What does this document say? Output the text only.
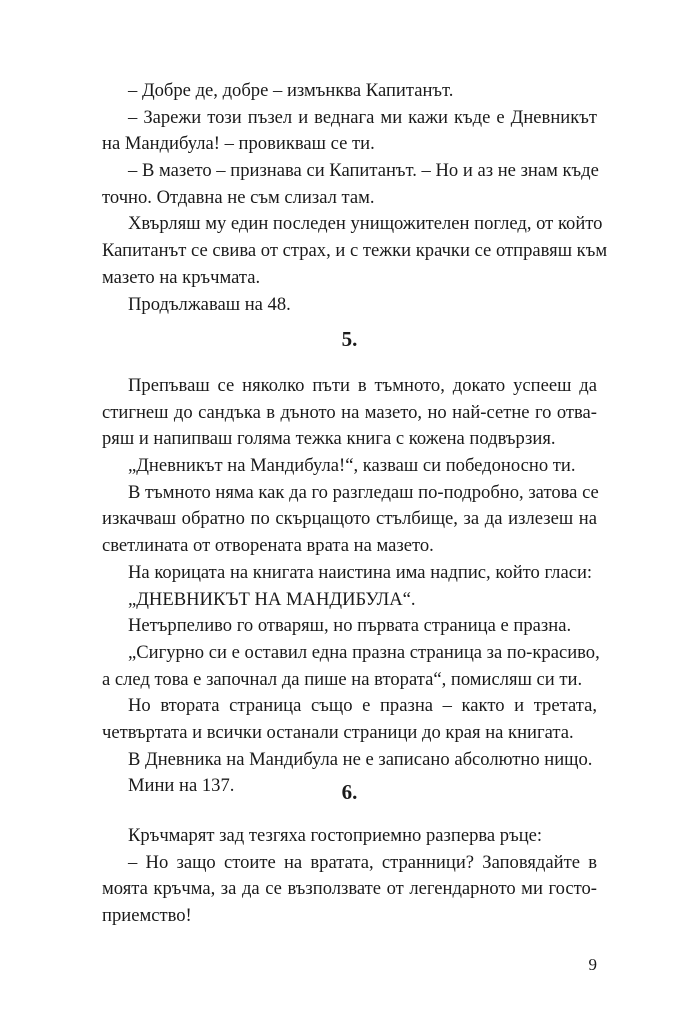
– Добре де, добре – измънква Капитанът.
– Зарежи този пъзел и веднага ми кажи къде е Дневникът
на Мандибула! – провикваш се ти.
– В мазето – признава си Капитанът. – Но и аз не знам къде
точно. Отдавна не съм слизал там.
Хвърляш му един последен унищожителен поглед, от който
Капитанът се свива от страх, и с тежки крачки се отправяш към
мазето на кръчмата.
Продължаваш на 48.
5.
Препъваш се няколко пъти в тъмното, докато успееш да
стигнеш до сандъка в дъното на мазето, но най-сетне го отва-
ряш и напипваш голяма тежка книга с кожена подвързия.
„Дневникът на Мандибула!“, казваш си победоносно ти.
В тъмното няма как да го разгледаш по-подробно, затова се
изкачваш обратно по скърцащото стълбище, за да излезеш на
светлината от отворената врата на мазето.
На корицата на книгата наистина има надпис, който гласи:
„ДНЕВНИКЪТ НА МАНДИБУЛА“.
Нетърпеливо го отваряш, но първата страница е празна.
„Сигурно си е оставил една празна страница за по-красиво,
а след това е започнал да пише на втората“, помисляш си ти.
Но втората страница също е празна – както и третата,
четвъртата и всички останали страници до края на книгата.
В Дневника на Мандибула не е записано абсолютно нищо.
Мини на 137.	6.
Кръчмарят зад тезгяха гостоприемно разперва ръце:
– Но защо стоите на вратата, странници? Заповядайте в
моята кръчма, за да се възползвате от легендарното ми госто-
приемство!
9
